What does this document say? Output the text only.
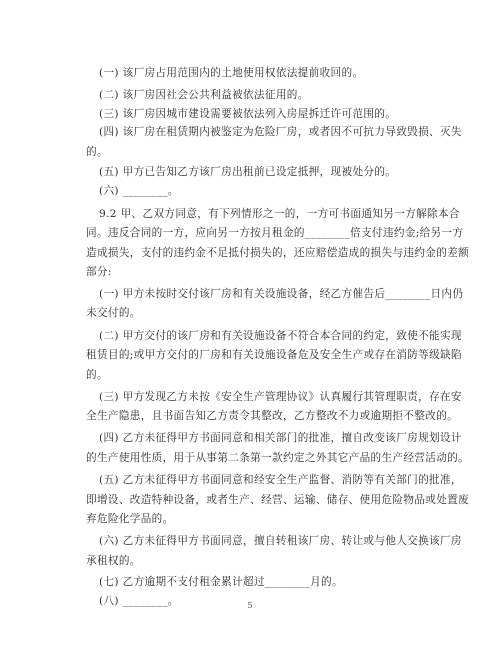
(一) 该厂房占用范围内的土地使用权依法提前收回的。
(二) 该厂房因社会公共利益被依法征用的。
(三) 该厂房因城市建设需要被依法列入房屋拆迁许可范围的。
(四) 该厂房在租赁期内被鉴定为危险厂房，或者因不可抗力导致毁损、灭失
的。
(五) 甲方已告知乙方该厂房出租前已设定抵押，现被处分的。
(六) ________。
9.2 甲、乙双方同意，有下列情形之一的，一方可书面通知另一方解除本合
同。违反合同的一方，应向另一方按月租金的________倍支付违约金;给另一方
造成损失，支付的违约金不足抵付损失的，还应赔偿造成的损失与违约金的差额
部分:
(一) 甲方未按时交付该厂房和有关设施设备，经乙方催告后________日内仍
未交付的。
(二) 甲方交付的该厂房和有关设施设备不符合本合同的约定，致使不能实现
租赁目的;或甲方交付的厂房和有关设施设备危及安全生产或存在消防等级缺陷
的。
(三) 甲方发现乙方未按《安全生产管理协议》认真履行其管理职责，存在安
全生产隐患，且书面告知乙方责令其整改，乙方整改不力或逾期拒不整改的。
(四) 乙方未征得甲方书面同意和相关部门的批准，擅自改变该厂房规划设计
的生产使用性质，用于从事第二条第一款约定之外其它产品的生产经营活动的。
(五) 乙方未征得甲方书面同意和经安全生产监督、消防等有关部门的批准，
即增设、改造特种设备，或者生产、经营、运输、储存、使用危险物品或处置废
弃危险化学品的。
(六) 乙方未征得甲方书面同意，擅自转租该厂房、转让或与他人交换该厂房
承租权的。
(七) 乙方逾期不支付租金累计超过________月的。
(八) ________。	5
